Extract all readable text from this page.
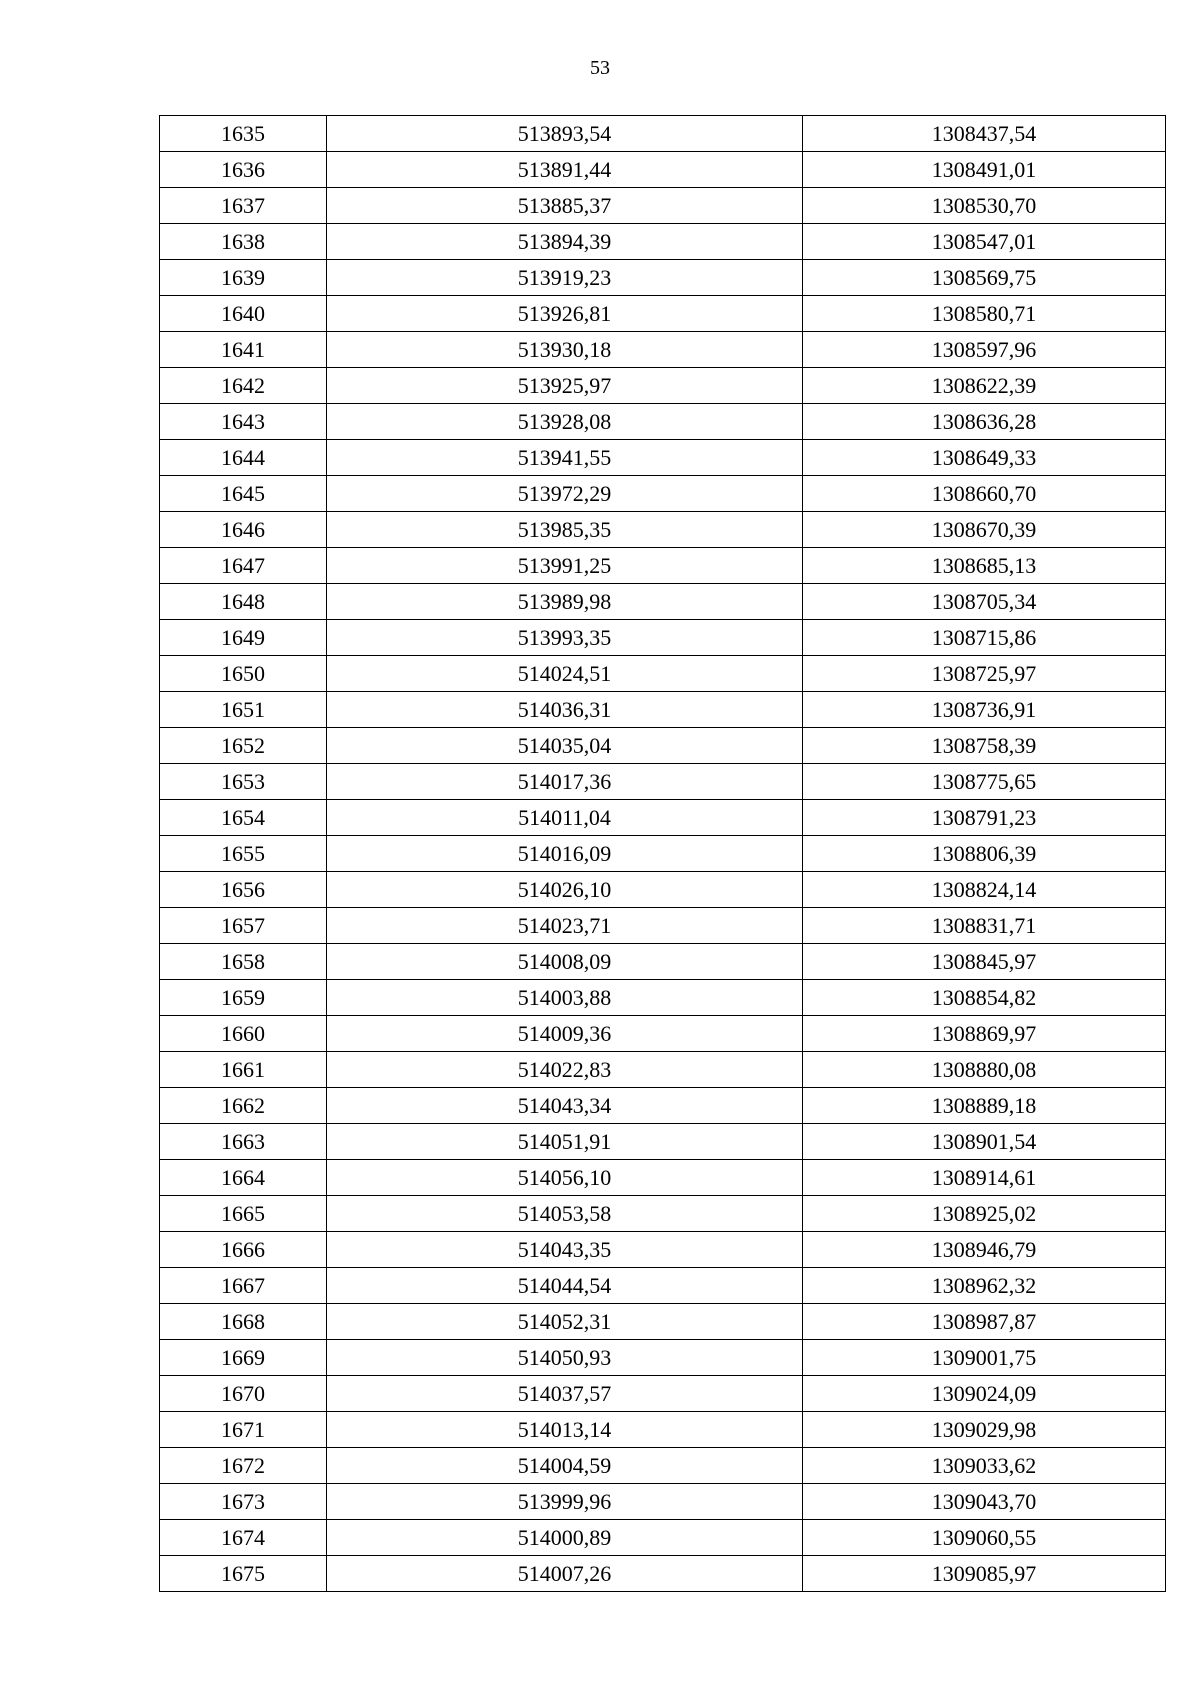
53
1635	513893,54	1308437,54
1636	513891,44	1308491,01
1637	513885,37	1308530,70
1638	513894,39	1308547,01
1639	513919,23	1308569,75
1640	513926,81	1308580,71
1641	513930,18	1308597,96
1642	513925,97	1308622,39
1643	513928,08	1308636,28
1644	513941,55	1308649,33
1645	513972,29	1308660,70
1646	513985,35	1308670,39
1647	513991,25	1308685,13
1648	513989,98	1308705,34
1649	513993,35	1308715,86
1650	514024,51	1308725,97
1651	514036,31	1308736,91
1652	514035,04	1308758,39
1653	514017,36	1308775,65
1654	514011,04	1308791,23
1655	514016,09	1308806,39
1656	514026,10	1308824,14
1657	514023,71	1308831,71
1658	514008,09	1308845,97
1659	514003,88	1308854,82
1660	514009,36	1308869,97
1661	514022,83	1308880,08
1662	514043,34	1308889,18
1663	514051,91	1308901,54
1664	514056,10	1308914,61
1665	514053,58	1308925,02
1666	514043,35	1308946,79
1667	514044,54	1308962,32
1668	514052,31	1308987,87
1669	514050,93	1309001,75
1670	514037,57	1309024,09
1671	514013,14	1309029,98
1672	514004,59	1309033,62
1673	513999,96	1309043,70
1674	514000,89	1309060,55
1675	514007,26	1309085,97
